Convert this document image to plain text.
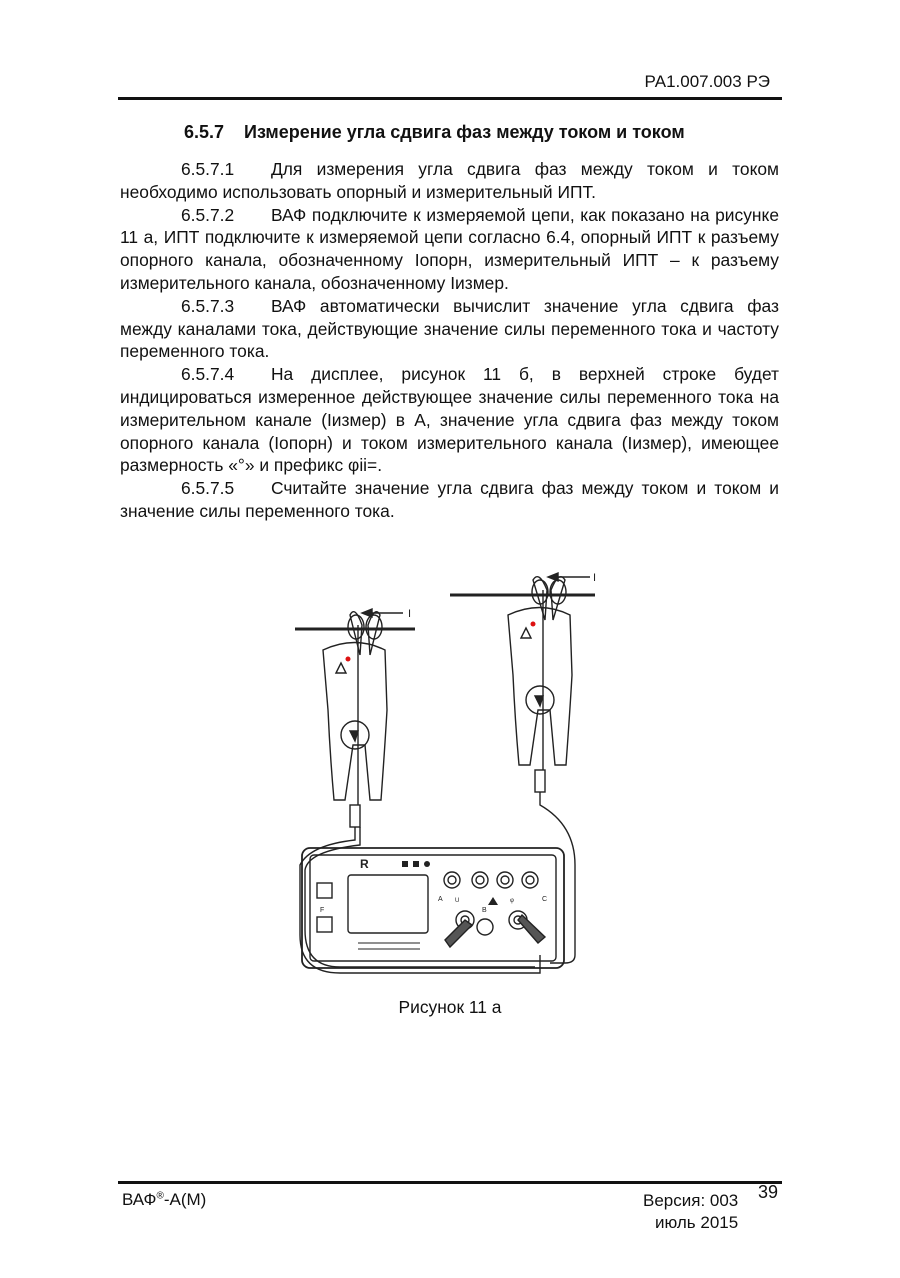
РА1.007.003 РЭ
6.5.7 Измерение угла сдвига фаз между током и током

6.5.7.1 Для измерения угла сдвига фаз между током и током необходимо использовать опорный и измерительный ИПТ.

6.5.7.2 ВАФ подключите к измеряемой цепи, как показано на рисунке 11 а, ИПТ подключите к измеряемой цепи согласно 6.4, опорный ИПТ к разъему опорного канала, обозначенному Iопорн, измерительный ИПТ – к разъему измерительного канала, обозначенному Iизмер.

6.5.7.3 ВАФ автоматически вычислит значение угла сдвига фаз между каналами тока, действующие значение силы переменного тока и частоту переменного тока.

6.5.7.4 На дисплее, рисунок 11 б, в верхней строке будет индицироваться измеренное действующее значение силы переменного тока на измерительном канале (Iизмер) в А, значение угла сдвига фаз между током опорного канала (Iопорн) и током измерительного канала (Iизмер), имеющее размерность «°» и префикс φii=.

6.5.7.5 Считайте значение угла сдвига фаз между током и током и значение силы переменного тока.

R
I
I
F
A U
B
φ	C
Рисунок 11 а
ВАФ®-А(М)	Версия: 003
июль 2015
39
